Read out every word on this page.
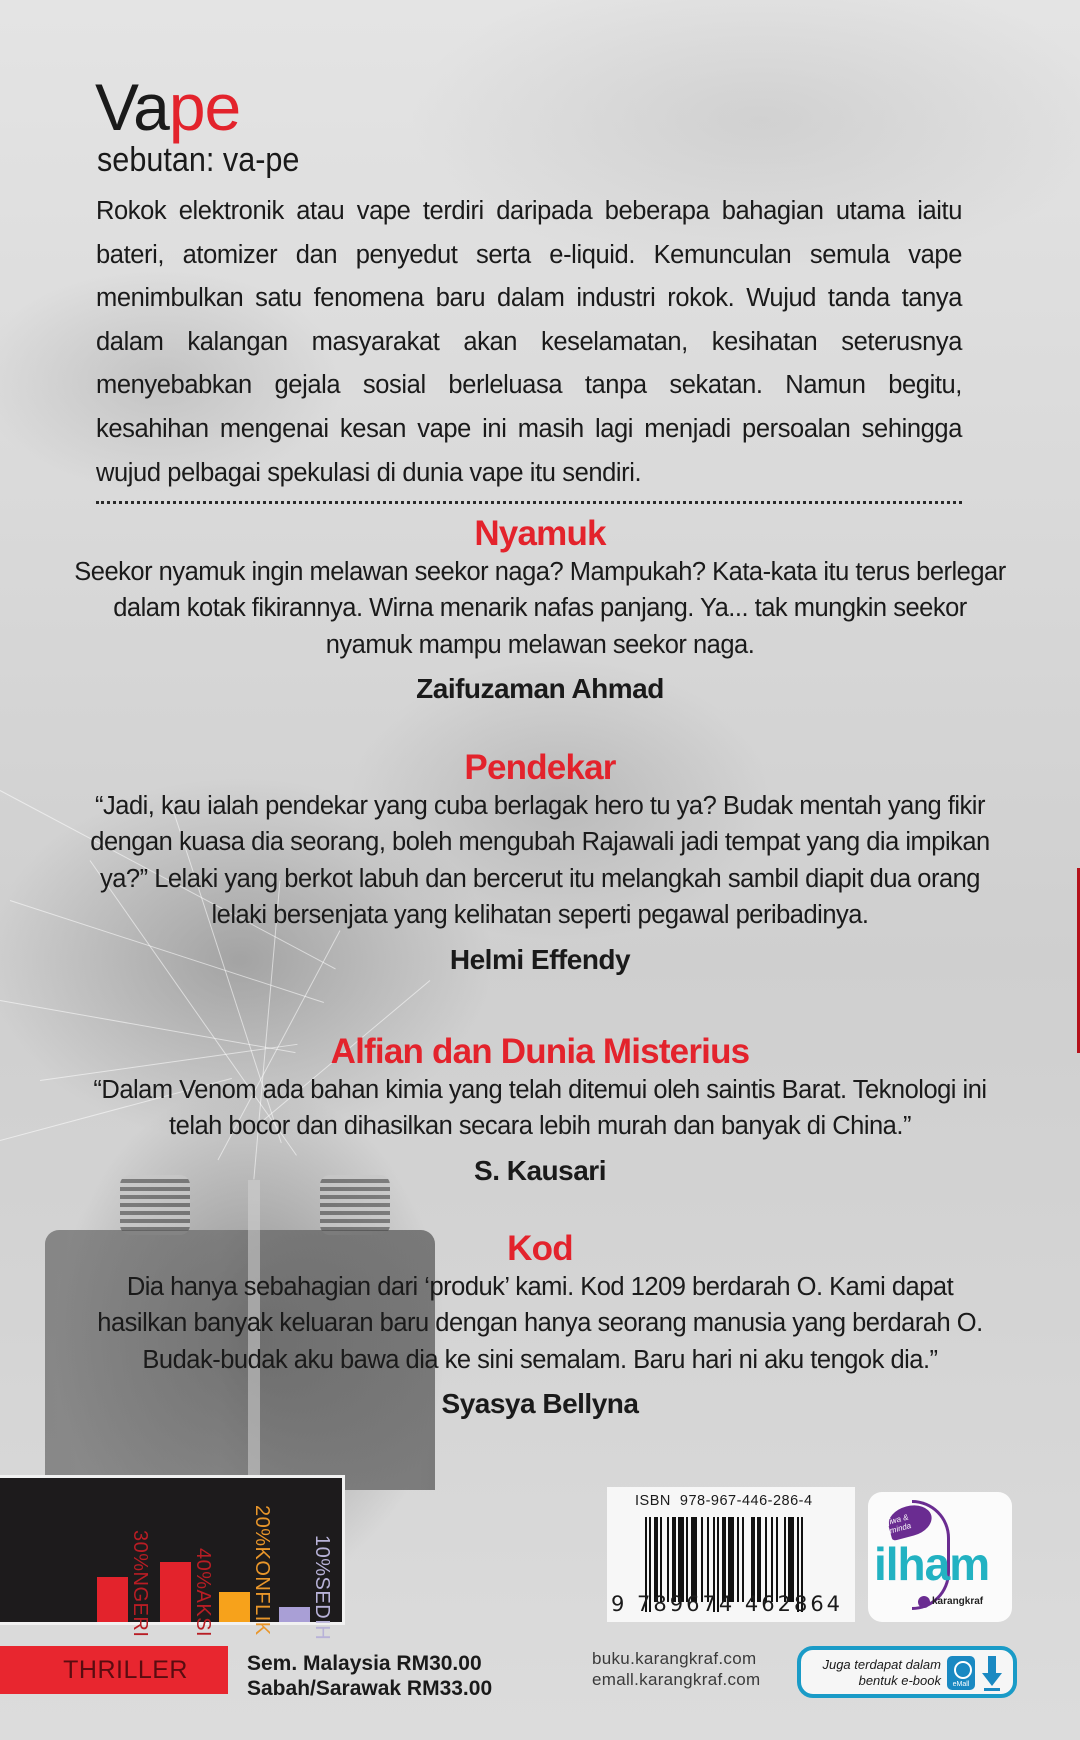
Vape
sebutan: va-pe

Rokok elektronik atau vape terdiri daripada beberapa bahagian utama iaitu bateri, atomizer dan penyedut serta e-liquid. Kemunculan semula vape menimbulkan satu fenomena baru dalam industri rokok. Wujud tanda tanya dalam kalangan masyarakat akan keselamatan, kesihatan seterusnya menyebabkan gejala sosial berleluasa tanpa sekatan. Namun begitu, kesahihan mengenai kesan vape ini masih lagi menjadi persoalan sehingga wujud pelbagai spekulasi di dunia vape itu sendiri.

Nyamuk
Seekor nyamuk ingin melawan seekor naga? Mampukah? Kata-kata itu terus berlegar dalam kotak fikirannya. Wirna menarik nafas panjang. Ya... tak mungkin seekor nyamuk mampu melawan seekor naga.
Zaifuzaman Ahmad
Pendekar
“Jadi, kau ialah pendekar yang cuba berlagak hero tu ya? Budak mentah yang fikir dengan kuasa dia seorang, boleh mengubah Rajawali jadi tempat yang dia impikan ya?” Lelaki yang berkot labuh dan bercerut itu melangkah sambil diapit dua orang lelaki bersenjata yang kelihatan seperti pegawal peribadinya.
Helmi Effendy
Alfian dan Dunia Misterius
“Dalam Venom ada bahan kimia yang telah ditemui oleh saintis Barat. Teknologi ini telah bocor dan dihasilkan secara lebih murah dan banyak di China.”
S. Kausari
Kod
Dia hanya sebahagian dari ‘produk’ kami. Kod 1209 berdarah O. Kami dapat hasilkan banyak keluaran baru dengan hanya seorang manusia yang berdarah O. Budak-budak aku bawa dia ke sini semalam. Baru hari ni aku tengok dia.”
Syasya Bellyna
30%NGERI 40%AKSI 20%KONFLIK 10%SEDIH
THRILLER	Sem. Malaysia RM30.00
Sabah/Sarawak RM33.00
ISBN  978-967-446-286-4
9 789674 462864
jiwa & minda
ilham
karangkraf
buku.karangkraf.com
emall.karangkraf.com
Juga terdapat dalam
bentuk e-book eMall
